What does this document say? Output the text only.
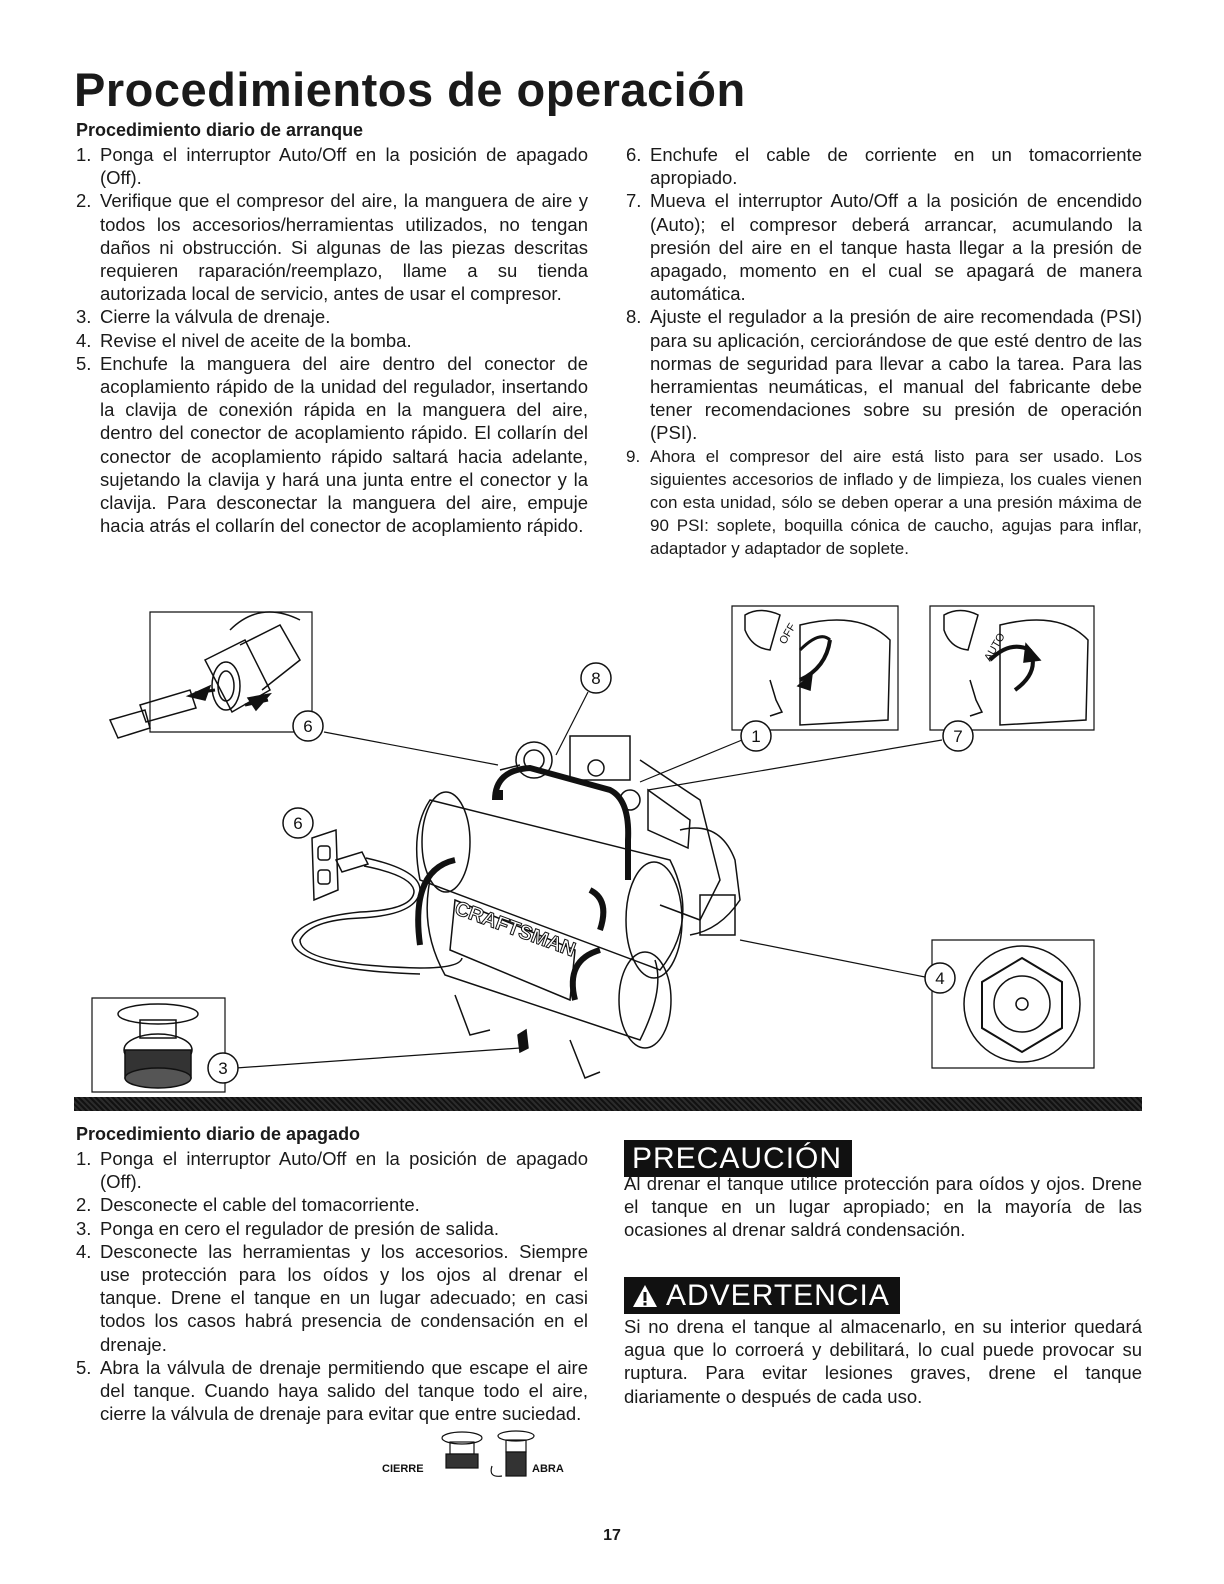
Procedimientos de operación
Procedimiento diario de arranque
1. Ponga el interruptor Auto/Off en la posición de apagado (Off).
2. Verifique que el compresor del aire, la manguera de aire y todos los accesorios/herramientas utilizados, no tengan daños ni obstrucción. Si algunas de las piezas descritas requieren raparación/reemplazo, llame a su tienda autorizada local de servicio, antes de usar el compresor.
3. Cierre la válvula de drenaje.
4. Revise el nivel de aceite de la bomba.
5. Enchufe la manguera del aire dentro del conector de acoplamiento rápido de la unidad del regulador, insertando la clavija de conexión rápida en la manguera del aire, dentro del conector de acoplamiento rápido. El collarín del conector de acoplamiento rápido saltará hacia adelante, sujetando la clavija y hará una junta entre el conector y la clavija. Para desconectar la manguera del aire, empuje hacia atrás el collarín del conector de acoplamiento rápido.
6. Enchufe el cable de corriente en un tomacorriente apropiado.
7. Mueva el interruptor Auto/Off a la posición de encendido (Auto); el compresor deberá arrancar, acumulando la presión del aire en el tanque hasta llegar a la presión de apagado, momento en el cual se apagará de manera automática.
8. Ajuste el regulador a la presión de aire recomendada (PSI) para su aplicación, cerciorándose de que esté dentro de las normas de seguridad para llevar a cabo la tarea. Para las herramientas neumáticas, el manual del fabricante debe tener recomendaciones sobre su presión de operación (PSI).
9. Ahora el compresor del aire está listo para ser usado. Los siguientes accesorios de inflado y de limpieza, los cuales vienen con esta unidad, sólo se deben operar a una presión máxima de 90 PSI: soplete, boquilla cónica de caucho, agujas para inflar, adaptador y adaptador de soplete.
6
8
1	7
6
4
3
CRAFTSMAN
OFF	AUTO
Procedimiento diario de apagado
1. Ponga el interruptor Auto/Off en la posición de apagado (Off).
2. Desconecte el cable del tomacorriente.
3. Ponga en cero el regulador de presión de salida.
4. Desconecte las herramientas y los accesorios. Siempre use protección para los oídos y los ojos al drenar el tanque. Drene el tanque en un lugar adecuado; en casi todos los casos habrá presencia de condensación en el drenaje.
5. Abra la válvula de drenaje permitiendo que escape el aire del tanque. Cuando haya salido del tanque todo el aire, cierre la válvula de drenaje para evitar que entre suciedad.
CIERRE	ABRA
PRECAUCIÓN

Al drenar el tanque utilice protección para oídos y ojos. Drene el tanque en un lugar apropiado; en la mayoría de las ocasiones al drenar saldrá condensación.

ADVERTENCIA

Si no drena el tanque al almacenarlo, en su interior quedará agua que lo corroerá y debilitará, lo cual puede provocar su ruptura. Para evitar lesiones graves, drene el tanque diariamente o después de cada uso.

17
